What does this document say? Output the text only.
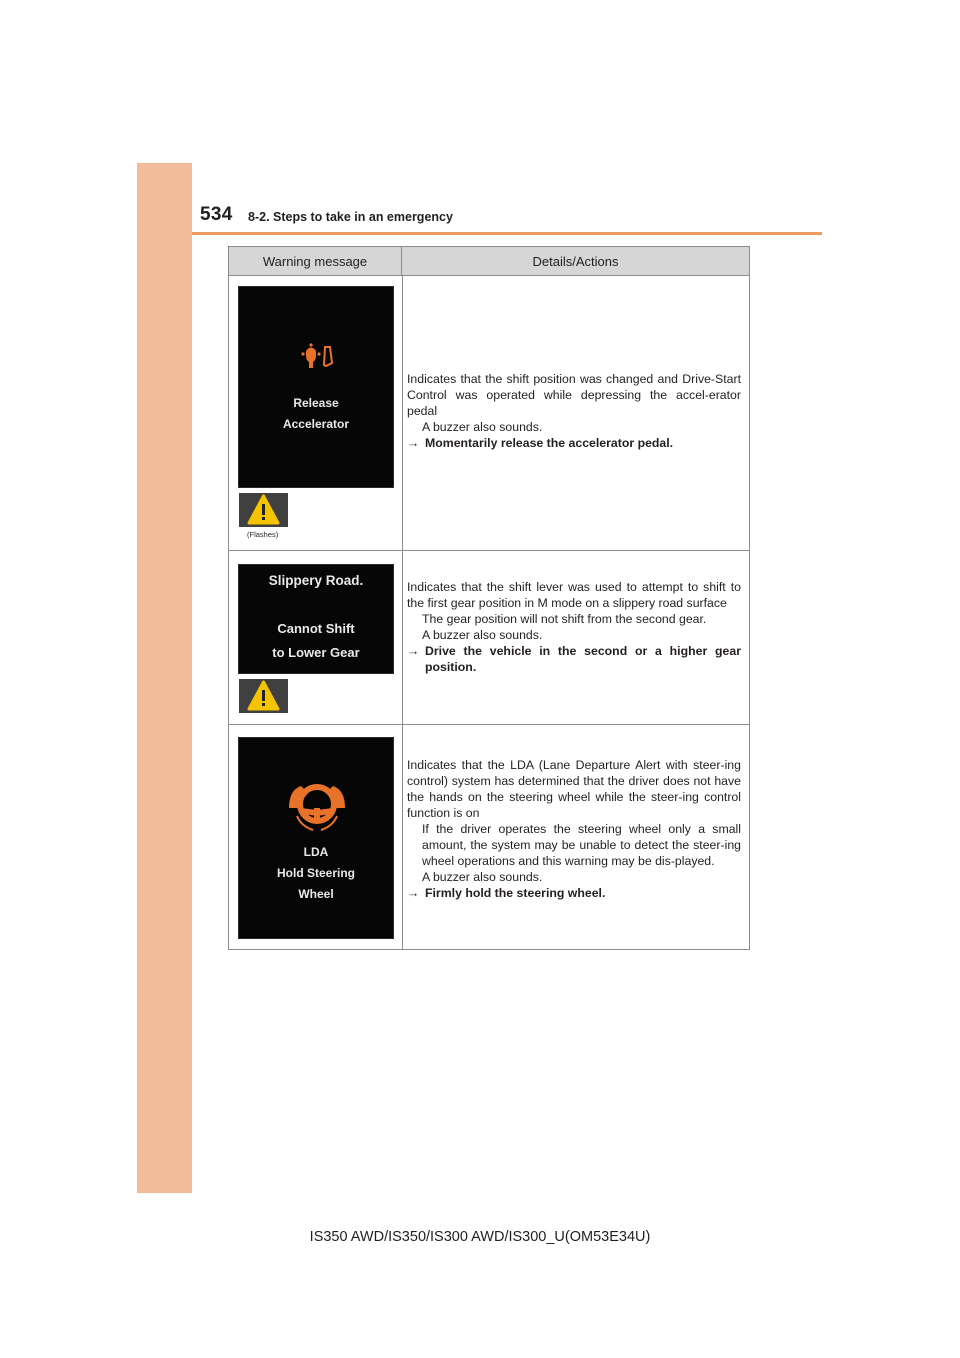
534 8-2. Steps to take in an emergency
Warning message	Details/Actions
Release
Accelerator
(Flashes)

Indicates that the shift position was changed and Drive-Start Control was operated while depressing the accel-erator pedal

A buzzer also sounds.

→ Momentarily release the accelerator pedal.

Slippery Road.
Cannot Shift
to Lower Gear

Indicates that the shift lever was used to attempt to shift to the first gear position in M mode on a slippery road surface

The gear position will not shift from the second gear.

A buzzer also sounds.

→ Drive the vehicle in the second or a higher gear position.

LDA
Hold Steering
Wheel

Indicates that the LDA (Lane Departure Alert with steer-ing control) system has determined that the driver does not have the hands on the steering wheel while the steer-ing control function is on

If the driver operates the steering wheel only a small amount, the system may be unable to detect the steer-ing wheel operations and this warning may be dis-played.

A buzzer also sounds.

→ Firmly hold the steering wheel.

IS350 AWD/IS350/IS300 AWD/IS300_U(OM53E34U)
